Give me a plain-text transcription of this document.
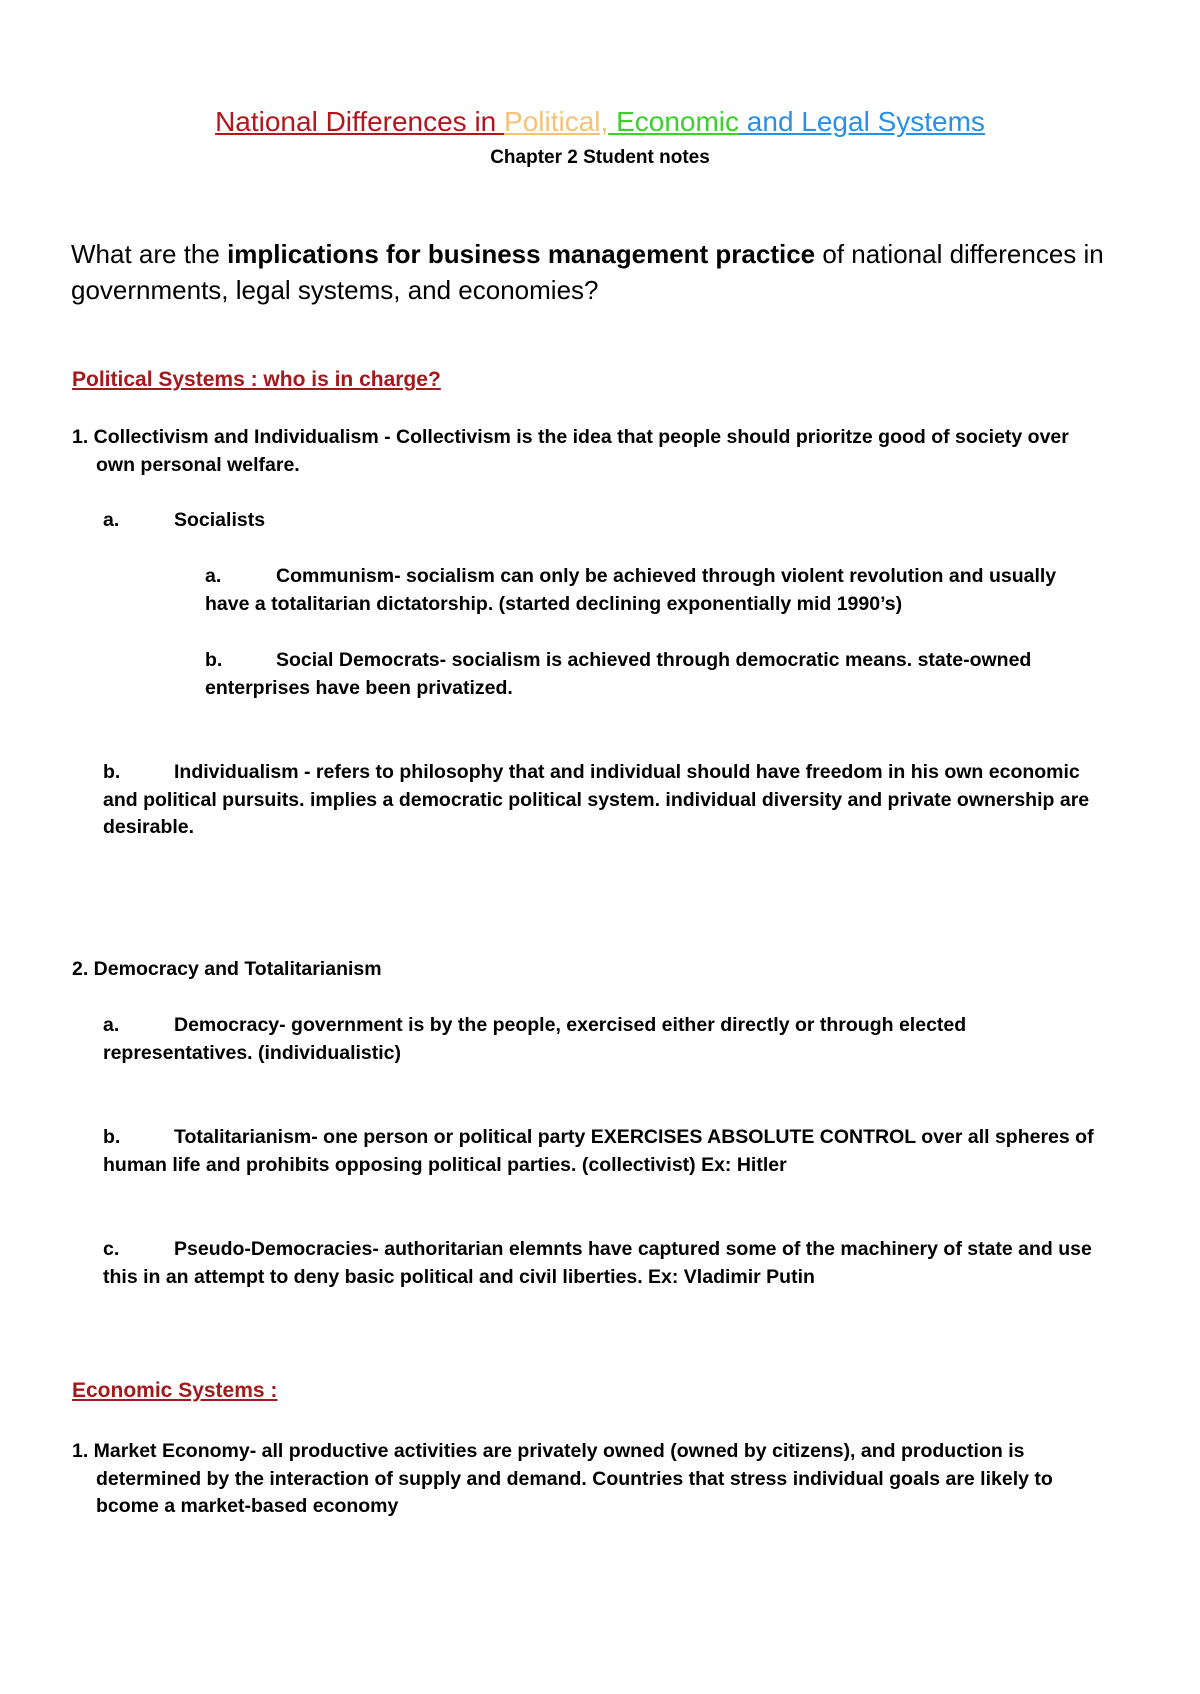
National Differences in Political, Economic and Legal Systems
Chapter 2 Student notes
What are the implications for business management practice of national differences in governments, legal systems, and economies?
Political Systems : who is in charge?
1. Collectivism and Individualism - Collectivism is the idea that people should prioritze good of society over own personal welfare.
a.	Socialists
a.	Communism- socialism can only be achieved through violent revolution and usually have a totalitarian dictatorship. (started declining exponentially mid 1990’s)
b.	Social Democrats- socialism is achieved through democratic means. state-owned enterprises have been privatized.
b.	Individualism - refers to philosophy that and individual should have freedom in his own economic and political pursuits. implies a democratic political system. individual diversity and private ownership are desirable.
2. Democracy and Totalitarianism
a.	Democracy- government is by the people, exercised either directly or through elected representatives. (individualistic)
b.	Totalitarianism- one person or political party EXERCISES ABSOLUTE CONTROL over all spheres of human life and prohibits opposing political parties. (collectivist) Ex: Hitler
c.	Pseudo-Democracies- authoritarian elemnts have captured some of the machinery of state and use this in an attempt to deny basic political and civil liberties. Ex: Vladimir Putin
Economic Systems :
1. Market Economy- all productive activities are privately owned (owned by citizens), and production is determined by the interaction of supply and demand. Countries that stress individual goals are likely to bcome a market-based economy
